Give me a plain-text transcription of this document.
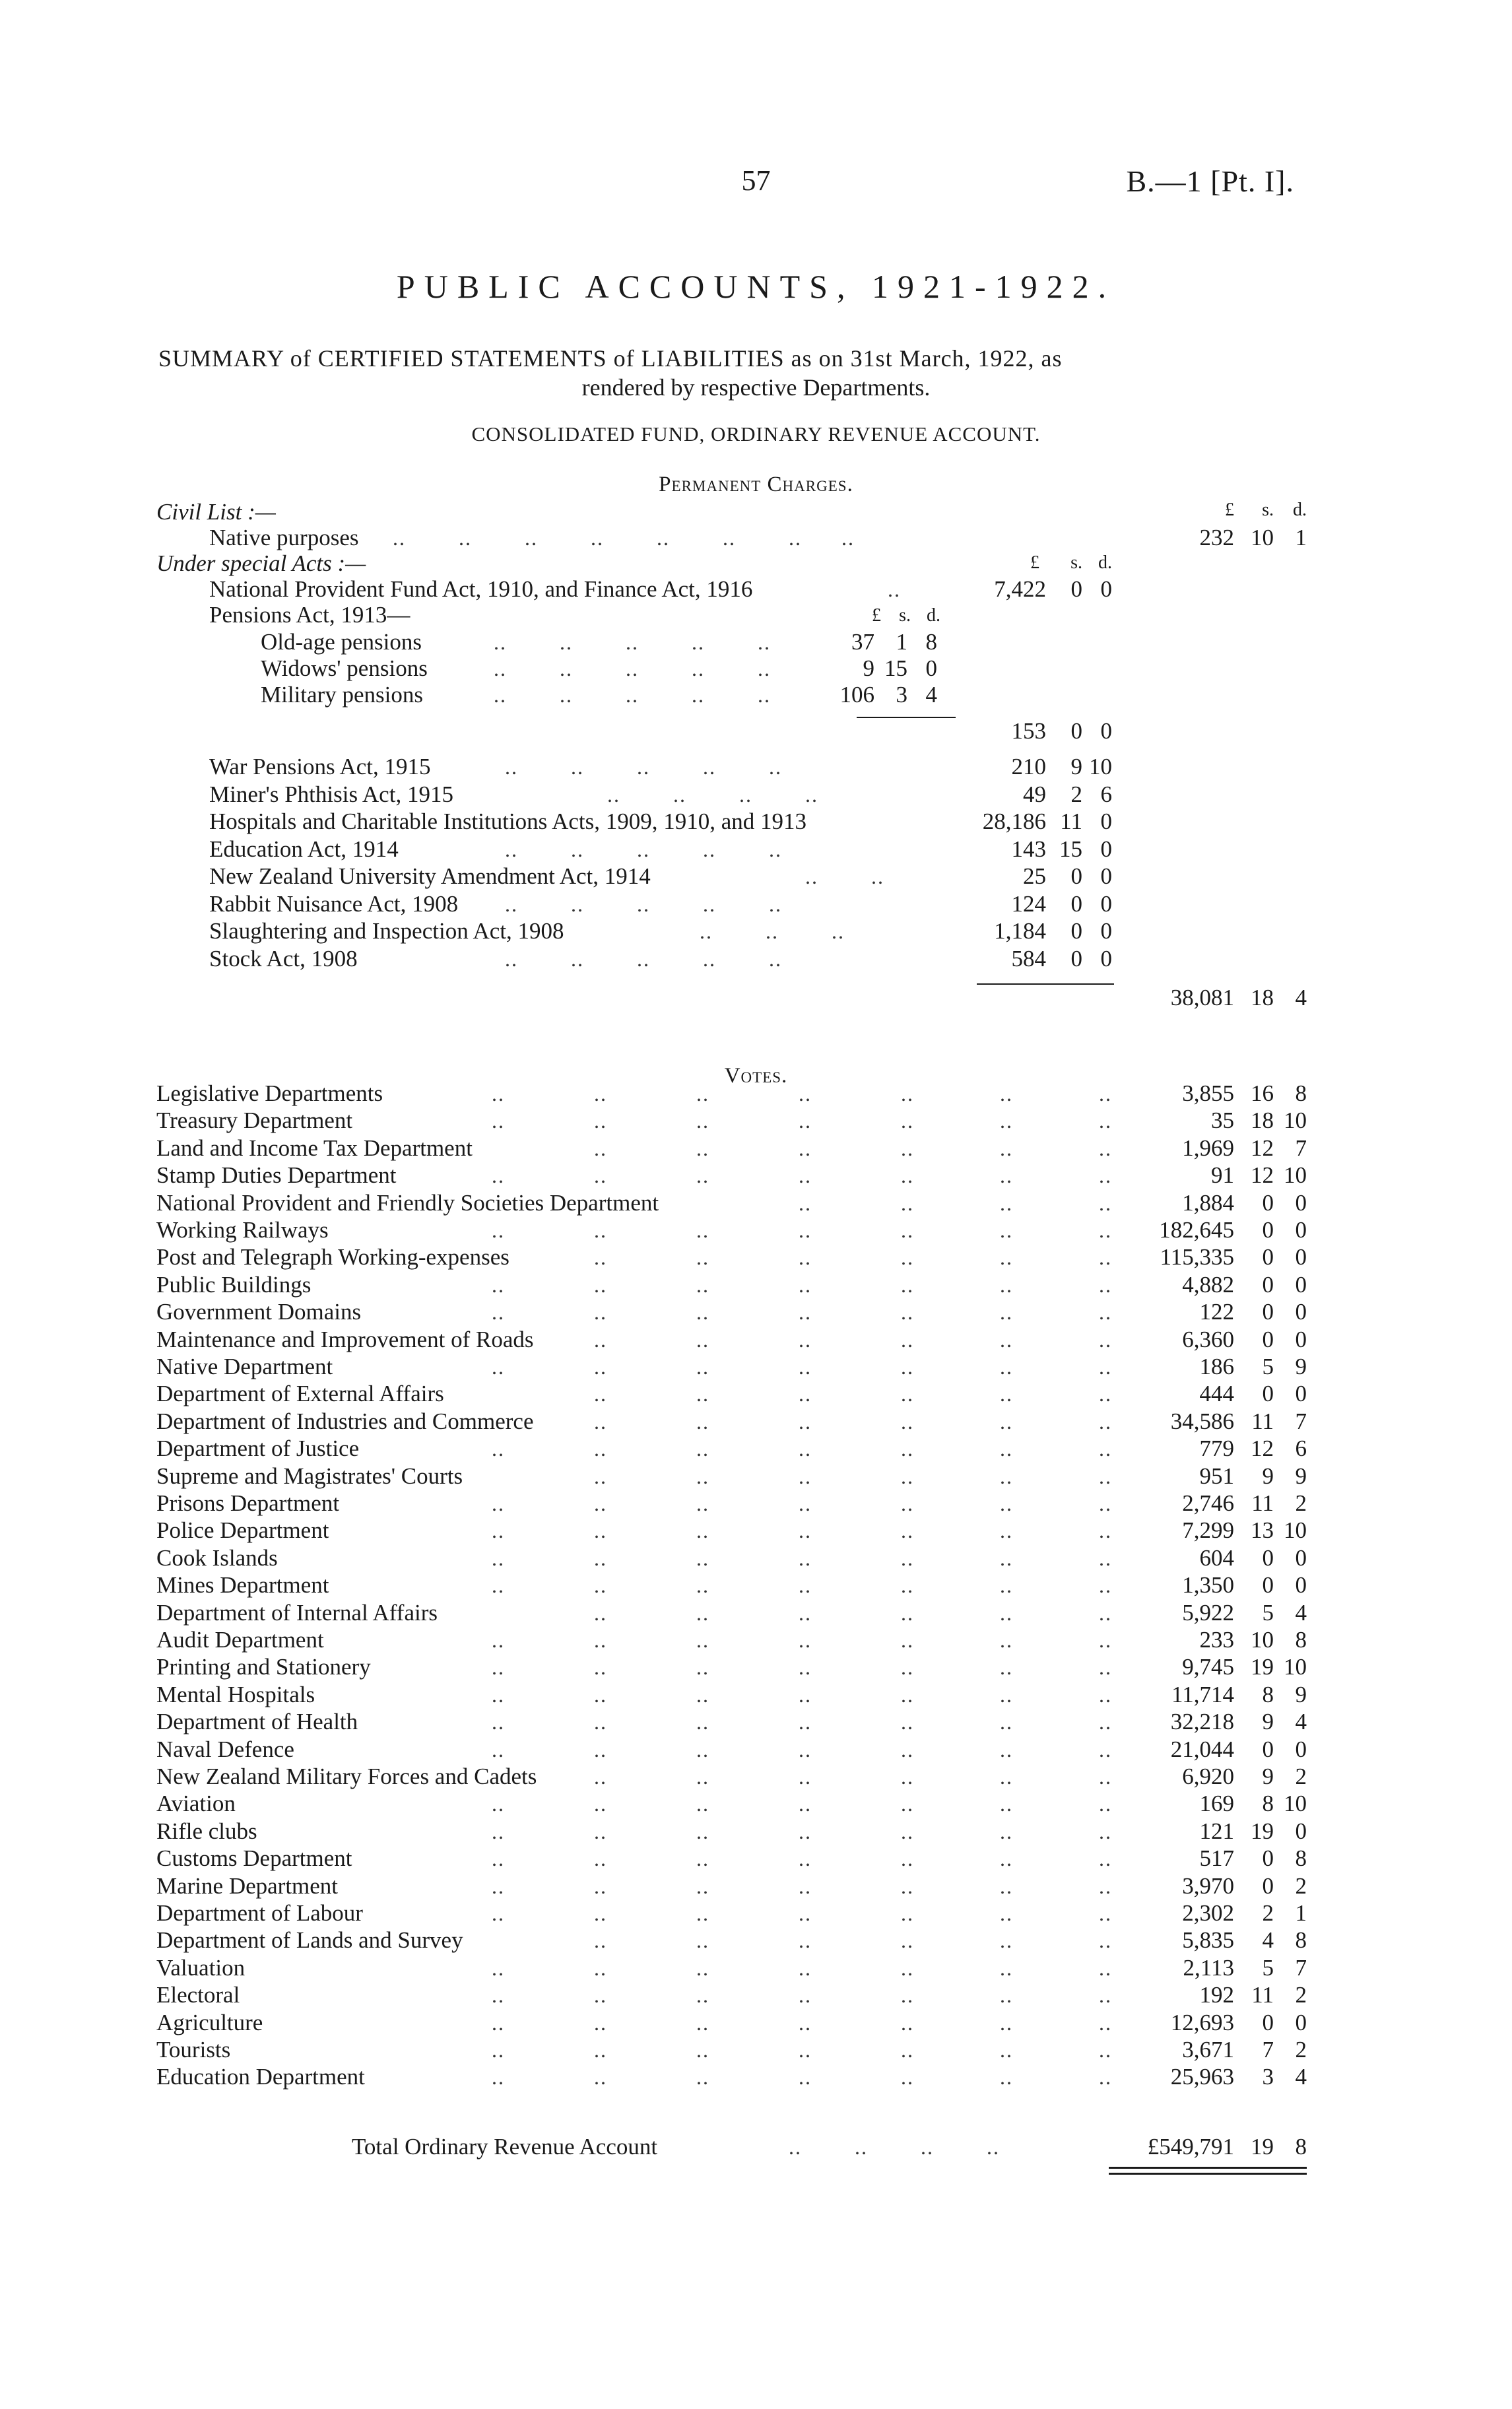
57	B.—1 [Pt. I].
PUBLIC ACCOUNTS, 1921-1922.
SUMMARY of CERTIFIED STATEMENTS of LIABILITIES as on 31st March, 1922, as
rendered by respective Departments.
CONSOLIDATED FUND, ORDINARY REVENUE ACCOUNT.
Permanent Charges.
£	s.	d.
Civil List :—
Native purposes ..        ..        ..        ..        ..        ..        ..      ..	232 10 1
Under special Acts :—	£	s. d.
National Provident Fund Act, 1910, and Finance Act, 1916	..	7,422	0 0
Pensions Act, 1913—	£ s. d.
Old-age pensions	..        ..        ..        ..        ..	37 1 8
Widows' pensions	..        ..        ..        ..        ..	9 15 0
Military pensions	..        ..        ..        ..        ..	106 3 4
153	0 0
War Pensions Act, 1915	210	9 10
Miner's Phthisis Act, 1915	49	2 6
Hospitals and Charitable Institutions Acts, 1909, 1910, and 1913	28,186 11 0
Education Act, 1914	143 15 0
New Zealand University Amendment Act, 1914	25	0 0
Rabbit Nuisance Act, 1908	124	0 0
Slaughtering and Inspection Act, 1908	1,184	0 0
Stock Act, 1908	584	0 0
..        ..        ..        ..        ..
..        ..        ..        ..
..        ..        ..        ..        ..
..        ..
..        ..        ..        ..        ..
..        ..        ..
..        ..        ..        ..        ..
38,081 18 4
Votes.
Legislative Departments	3,855 16 8
..	..	..	..	..	..	..
Treasury Department	35 18 10
..	..	..	..	..	..	..
Land and Income Tax Department	1,969 12 7
..	..	..	..	..	..
Stamp Duties Department	91 12 10
..	..	..	..	..	..	..
National Provident and Friendly Societies Department	1,884	0 0
..	..	..	..
Working Railways	182,645	0 0
..	..	..	..	..	..	..
Post and Telegraph Working-expenses	115,335	0 0
..	..	..	..	..	..
Public Buildings	4,882	0 0
..	..	..	..	..	..	..
Government Domains	122	0 0
..	..	..	..	..	..	..
Maintenance and Improvement of Roads	6,360	0 0
..	..	..	..	..	..
Native Department	186	5 9
..	..	..	..	..	..	..
Department of External Affairs	444	0 0
..	..	..	..	..	..
Department of Industries and Commerce	34,586 11 7
..	..	..	..	..	..
Department of Justice	779 12 6
..	..	..	..	..	..	..
Supreme and Magistrates' Courts	951	9 9
..	..	..	..	..	..
Prisons Department	2,746 11 2
..	..	..	..	..	..	..
Police Department	7,299 13 10
..	..	..	..	..	..	..
Cook Islands	604	0 0
..	..	..	..	..	..	..
Mines Department	1,350	0 0
..	..	..	..	..	..	..
Department of Internal Affairs	5,922	5 4
..	..	..	..	..	..
Audit Department	233 10 8
..	..	..	..	..	..	..
Printing and Stationery	9,745 19 10
..	..	..	..	..	..	..
Mental Hospitals	11,714	8 9
..	..	..	..	..	..	..
Department of Health	32,218	9 4
..	..	..	..	..	..	..
Naval Defence	21,044	0 0
..	..	..	..	..	..	..
New Zealand Military Forces and Cadets	6,920	9 2
..	..	..	..	..	..
Aviation	169	8 10
..	..	..	..	..	..	..
Rifle clubs	121 19 0
..	..	..	..	..	..	..
Customs Department	517	0 8
..	..	..	..	..	..	..
Marine Department	3,970	0 2
..	..	..	..	..	..	..
Department of Labour	2,302	2 1
..	..	..	..	..	..	..
Department of Lands and Survey	5,835	4 8
..	..	..	..	..	..
Valuation	2,113	5 7
..	..	..	..	..	..	..
Electoral	192 11 2
..	..	..	..	..	..	..
Agriculture	12,693	0 0
..	..	..	..	..	..	..
Tourists	3,671	7 2
..	..	..	..	..	..	..
Education Department	25,963	3 4
..	..	..	..	..	..	..
Total Ordinary Revenue Account	..        ..        ..        ..	£549,791 19 8
